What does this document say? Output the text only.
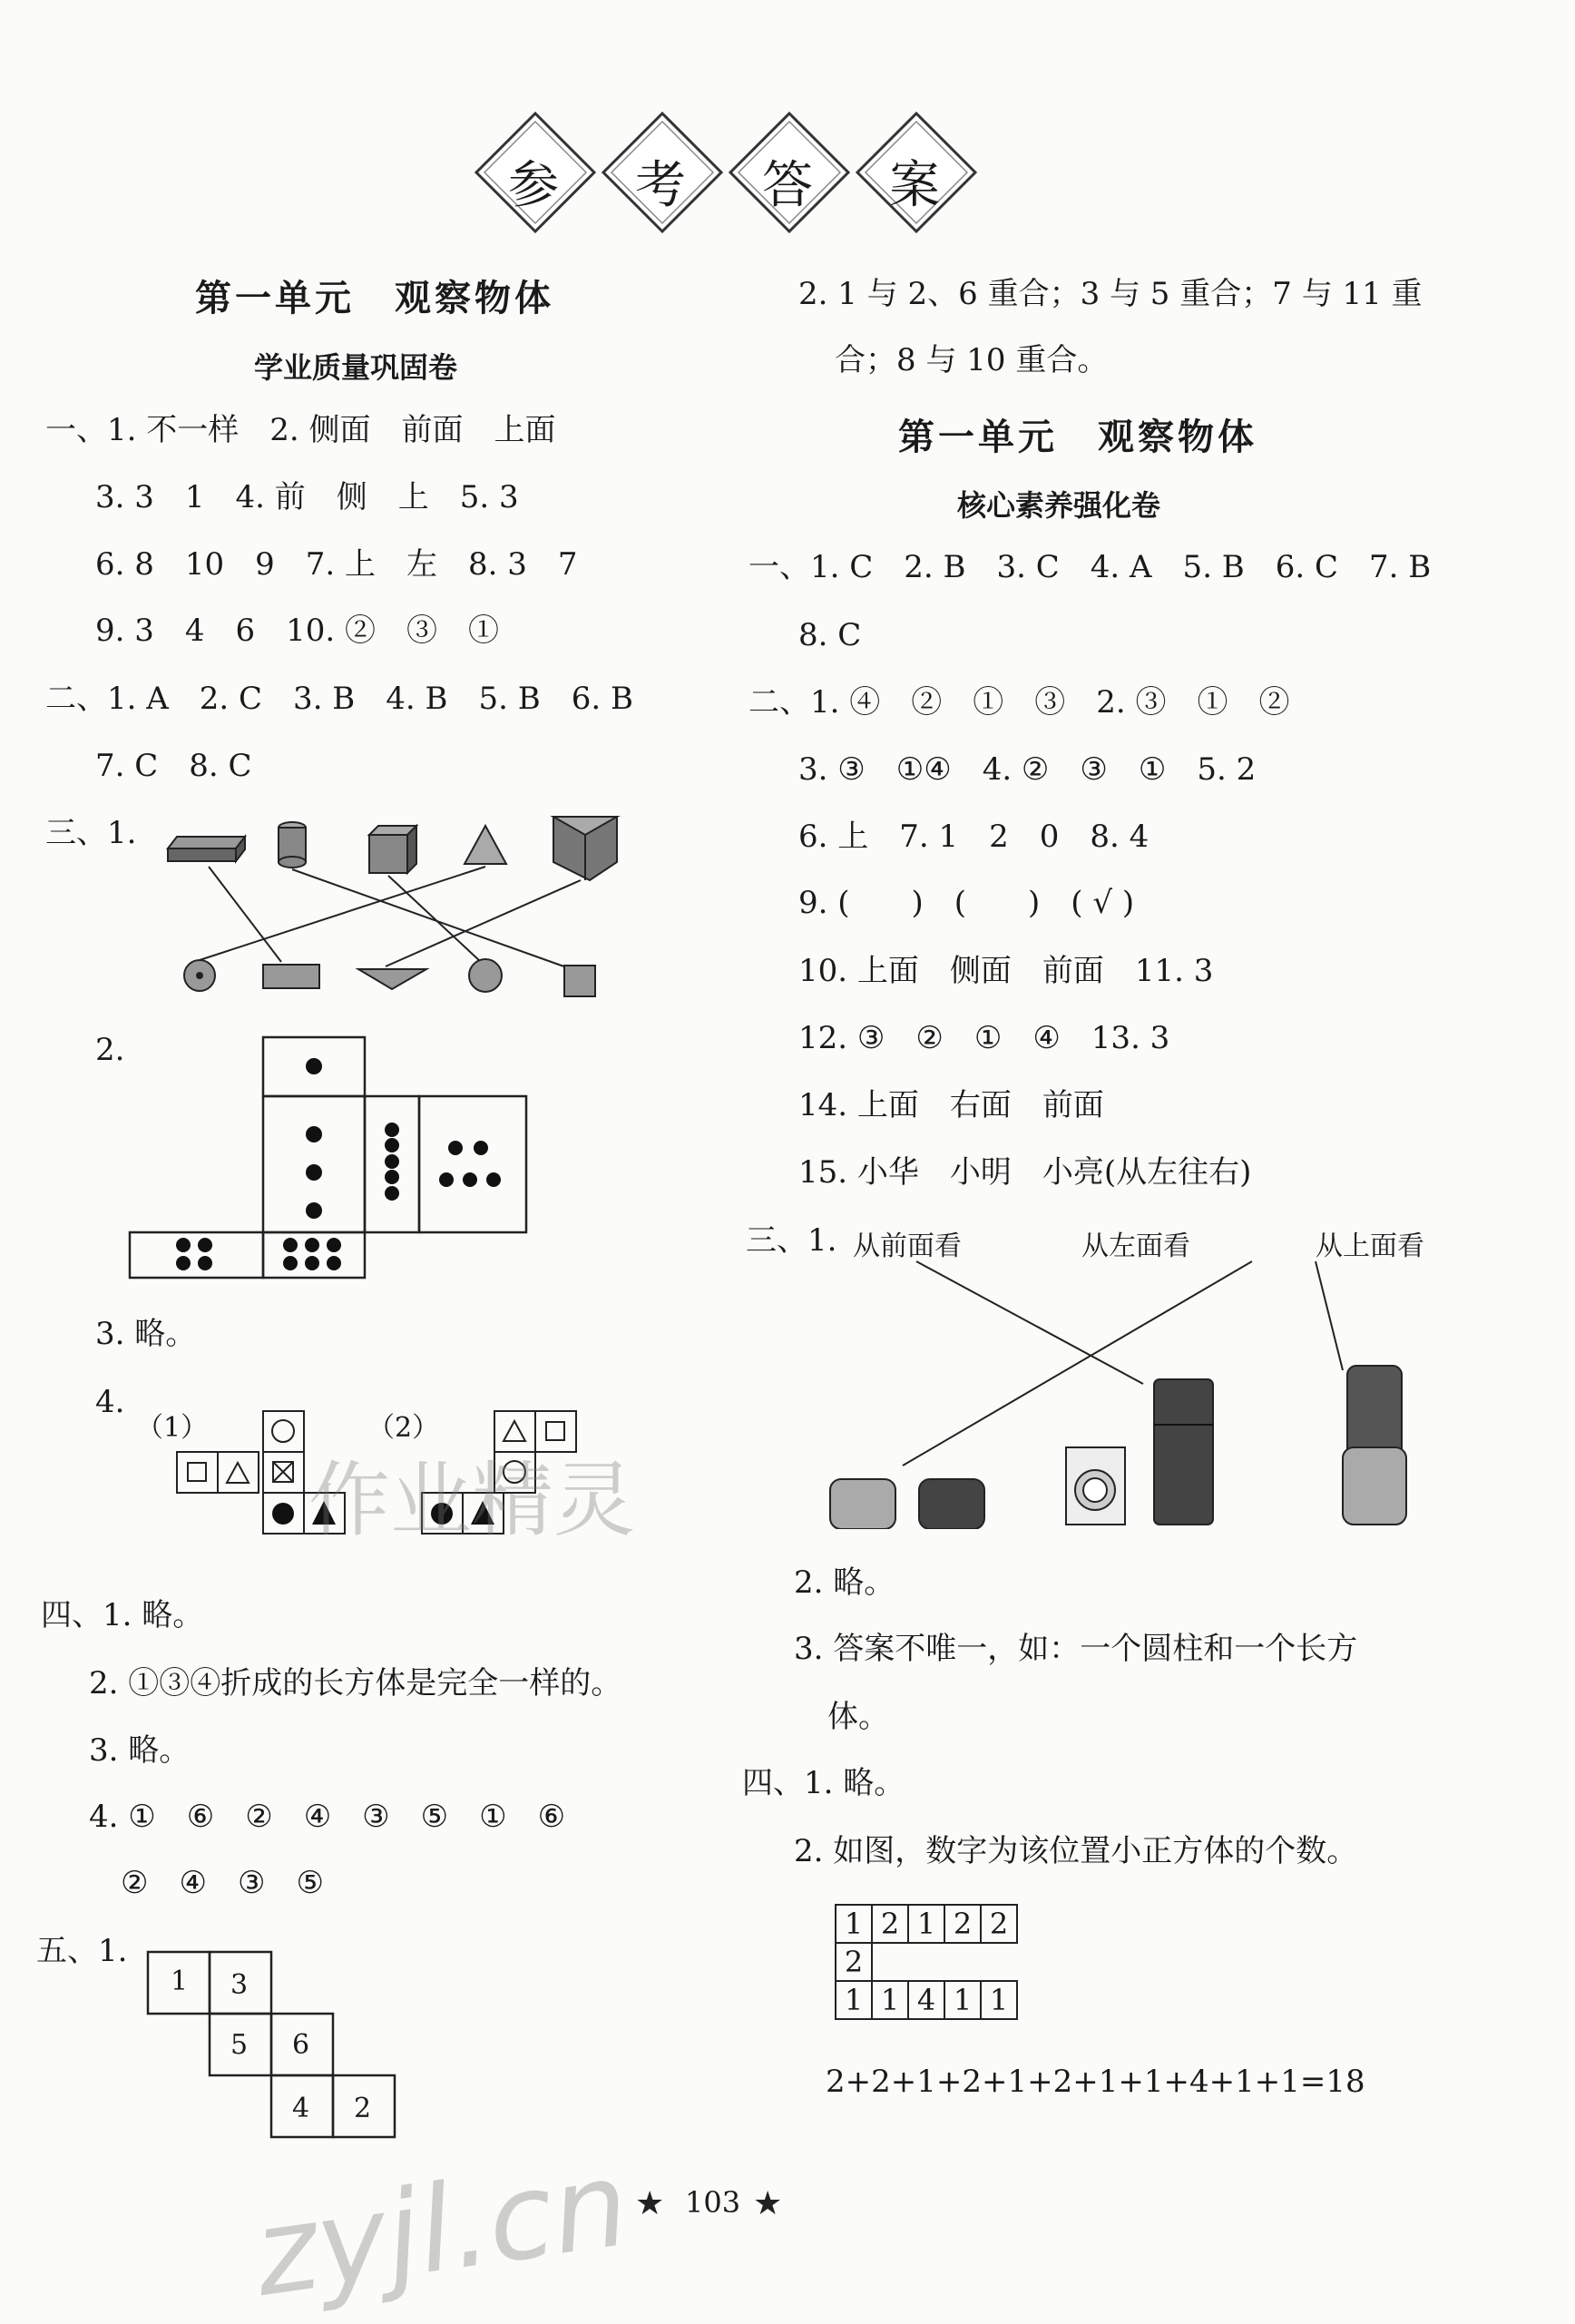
参 考 答 案
第一单元　观察物体
学业质量巩固卷
一、1. 不一样　2. 侧面　前面　上面
3. 3　1　4. 前　侧　上　5. 3
6. 8　10　9　7. 上　左　8. 3　7
9. 3　4　6　10. ②　③　①
二、1. A　2. C　3. B　4. B　5. B　6. B
7. C　8. C
三、1.
2.
3. 略。
4.
（1）	（2）
四、1. 略。
2. ①③④折成的长方体是完全一样的。
3. 略。
4. ①　⑥　②　④　③　⑤　①　⑥
②　④　③　⑤
五、1.
1 3
5 6
4 2
2. 1 与 2、6 重合；3 与 5 重合；7 与 11 重
合；8 与 10 重合。
第一单元　观察物体
核心素养强化卷
一、1. C　2. B　3. C　4. A　5. B　6. C　7. B
8. C
二、1. ④　②　①　③　2. ③　①　②
3. ③　①④　4. ②　③　①　5. 2
6. 上　7. 1　2　0　8. 4
9. (　　)　(　　)　( √ )
10. 上面　侧面　前面　11. 3
12. ③　②　①　④　13. 3
14. 上面　右面　前面
15. 小华　小明　小亮(从左往右)
三、1. 从前面看	从左面看	从上面看
2. 略。
3. 答案不唯一，如：一个圆柱和一个长方
体。
四、1. 略。
2. 如图，数字为该位置小正方体的个数。
1	2	1	2	2
2				
1	1	4	1	1
2+2+1+2+1+2+1+1+4+1+1=18
★ 103 ★
作业精灵
zyjl.cn
